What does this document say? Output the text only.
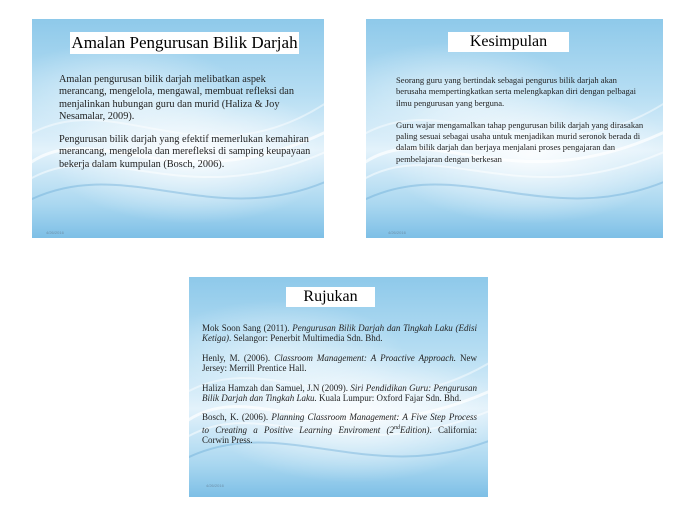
Amalan Pengurusan Bilik Darjah

Amalan pengurusan bilik darjah melibatkan aspek merancang, mengelola, mengawal, membuat refleksi dan menjalinkan hubungan guru dan murid (Haliza & Joy Nesamalar, 2009).

Pengurusan bilik darjah yang efektif memerlukan kemahiran merancang, mengelola dan merefleksi di samping keupayaan bekerja dalam kumpulan (Bosch, 2006).

4/26/2016
Kesimpulan

Seorang guru yang bertindak sebagai pengurus bilik darjah akan berusaha mempertingkatkan serta melengkapkan diri dengan pelbagai ilmu pengurusan yang berguna.

Guru wajar mengamalkan tahap pengurusan bilik darjah yang dirasakan paling sesuai sebagai usaha untuk menjadikan murid seronok berada di dalam bilik darjah dan berjaya menjalani proses pengajaran dan pembelajaran dengan berkesan

4/26/2016
Rujukan

Mok Soon Sang (2011). Pengurusan Bilik Darjah dan Tingkah Laku (Edisi Ketiga). Selangor: Penerbit Multimedia Sdn. Bhd.

Henly, M. (2006). Classroom Management: A Proactive Approach. New Jersey: Merrill Prentice Hall.

Haliza Hamzah dan Samuel, J.N (2009). Siri Pendidikan Guru: Pengurusan Bilik Darjah dan Tingkah Laku. Kuala Lumpur: Oxford Fajar Sdn. Bhd.

Bosch, K. (2006). Planning Classroom Management: A Five Step Process to Creating a Positive Learning Enviroment (2ndEdition). California: Corwin Press.

4/26/2016
